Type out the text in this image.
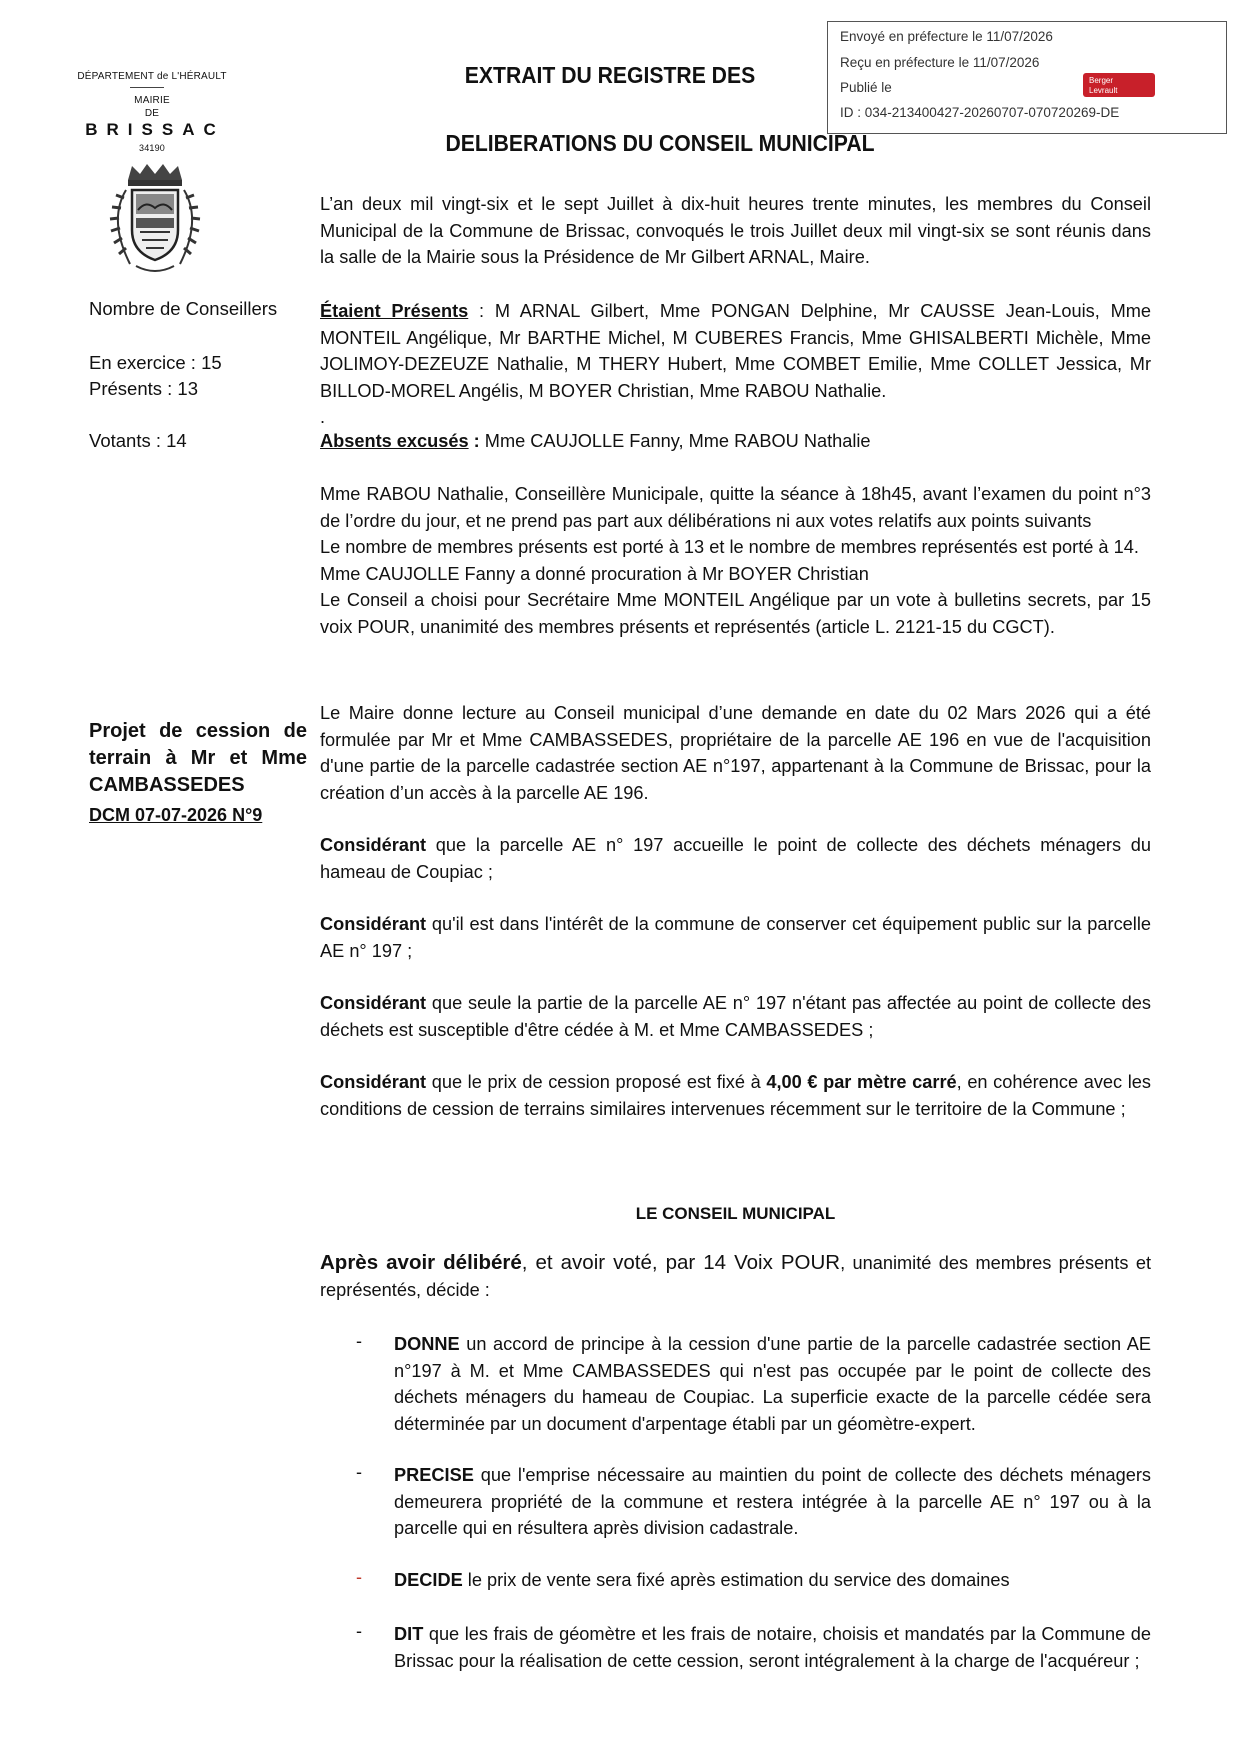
Envoyé en préfecture le 11/07/2026
Reçu en préfecture le 11/07/2026
Publié le
ID : 034-213400427-20260707-070720269-DE
Berger
Levrault
DÉPARTEMENT de L'HÉRAULT
MAIRIE
DE
BRISSAC
34190
EXTRAIT DU REGISTRE DES
DELIBERATIONS DU CONSEIL MUNICIPAL
Nombre de Conseillers
En exercice : 15
Présents : 13
Votants : 14
Projet de cession de terrain à Mr et Mme CAMBASSEDES
DCM 07-07-2026 N°9

L’an deux mil vingt-six et le sept Juillet à dix-huit heures trente minutes, les membres du Conseil Municipal de la Commune de Brissac, convoqués le trois Juillet deux mil vingt-six se sont réunis dans la salle de la Mairie sous la Présidence de Mr Gilbert ARNAL, Maire.

Étaient Présents : M ARNAL Gilbert, Mme PONGAN Delphine, Mr CAUSSE Jean-Louis, Mme MONTEIL Angélique, Mr BARTHE Michel, M CUBERES Francis, Mme GHISALBERTI Michèle, Mme JOLIMOY-DEZEUZE Nathalie, M THERY Hubert, Mme COMBET Emilie, Mme COLLET Jessica, Mr BILLOD-MOREL Angélis, M BOYER Christian, Mme RABOU Nathalie.

.

Absents excusés : Mme CAUJOLLE Fanny, Mme RABOU Nathalie

Mme RABOU Nathalie, Conseillère Municipale, quitte la séance à 18h45, avant l’examen du point n°3 de l’ordre du jour, et ne prend pas part aux délibérations ni aux votes relatifs aux points suivants

Le nombre de membres présents est porté à 13 et le nombre de membres représentés est porté à 14.

Mme CAUJOLLE Fanny a donné procuration à Mr BOYER Christian

Le Conseil a choisi pour Secrétaire Mme MONTEIL Angélique par un vote à bulletins secrets, par 15 voix POUR, unanimité des membres présents et représentés (article L. 2121-15 du CGCT).

Le Maire donne lecture au Conseil municipal d’une demande en date du 02 Mars 2026 qui a été formulée par Mr et Mme CAMBASSEDES, propriétaire de la parcelle AE 196 en vue de l'acquisition d'une partie de la parcelle cadastrée section AE n°197, appartenant à la Commune de Brissac, pour la création d’un accès à la parcelle AE 196.

Considérant que la parcelle AE n° 197 accueille le point de collecte des déchets ménagers du hameau de Coupiac ;

Considérant qu'il est dans l'intérêt de la commune de conserver cet équipement public sur la parcelle AE n° 197 ;

Considérant que seule la partie de la parcelle AE n° 197 n'étant pas affectée au point de collecte des déchets est susceptible d'être cédée à M. et Mme CAMBASSEDES ;

Considérant que le prix de cession proposé est fixé à 4,00 € par mètre carré, en cohérence avec les conditions de cession de terrains similaires intervenues récemment sur le territoire de la Commune ;

LE CONSEIL MUNICIPAL

Après avoir délibéré, et avoir voté, par 14 Voix POUR, unanimité des membres présents et représentés, décide :

- DONNE un accord de principe à la cession d'une partie de la parcelle cadastrée section AE n°197 à M. et Mme CAMBASSEDES qui n'est pas occupée par le point de collecte des déchets ménagers du hameau de Coupiac. La superficie exacte de la parcelle cédée sera déterminée par un document d'arpentage établi par un géomètre-expert.
- PRECISE que l'emprise nécessaire au maintien du point de collecte des déchets ménagers demeurera propriété de la commune et restera intégrée à la parcelle AE n° 197 ou à la parcelle qui en résultera après division cadastrale.
- DECIDE le prix de vente sera fixé après estimation du service des domaines
- DIT que les frais de géomètre et les frais de notaire, choisis et mandatés par la Commune de Brissac pour la réalisation de cette cession, seront intégralement à la charge de l'acquéreur ;
